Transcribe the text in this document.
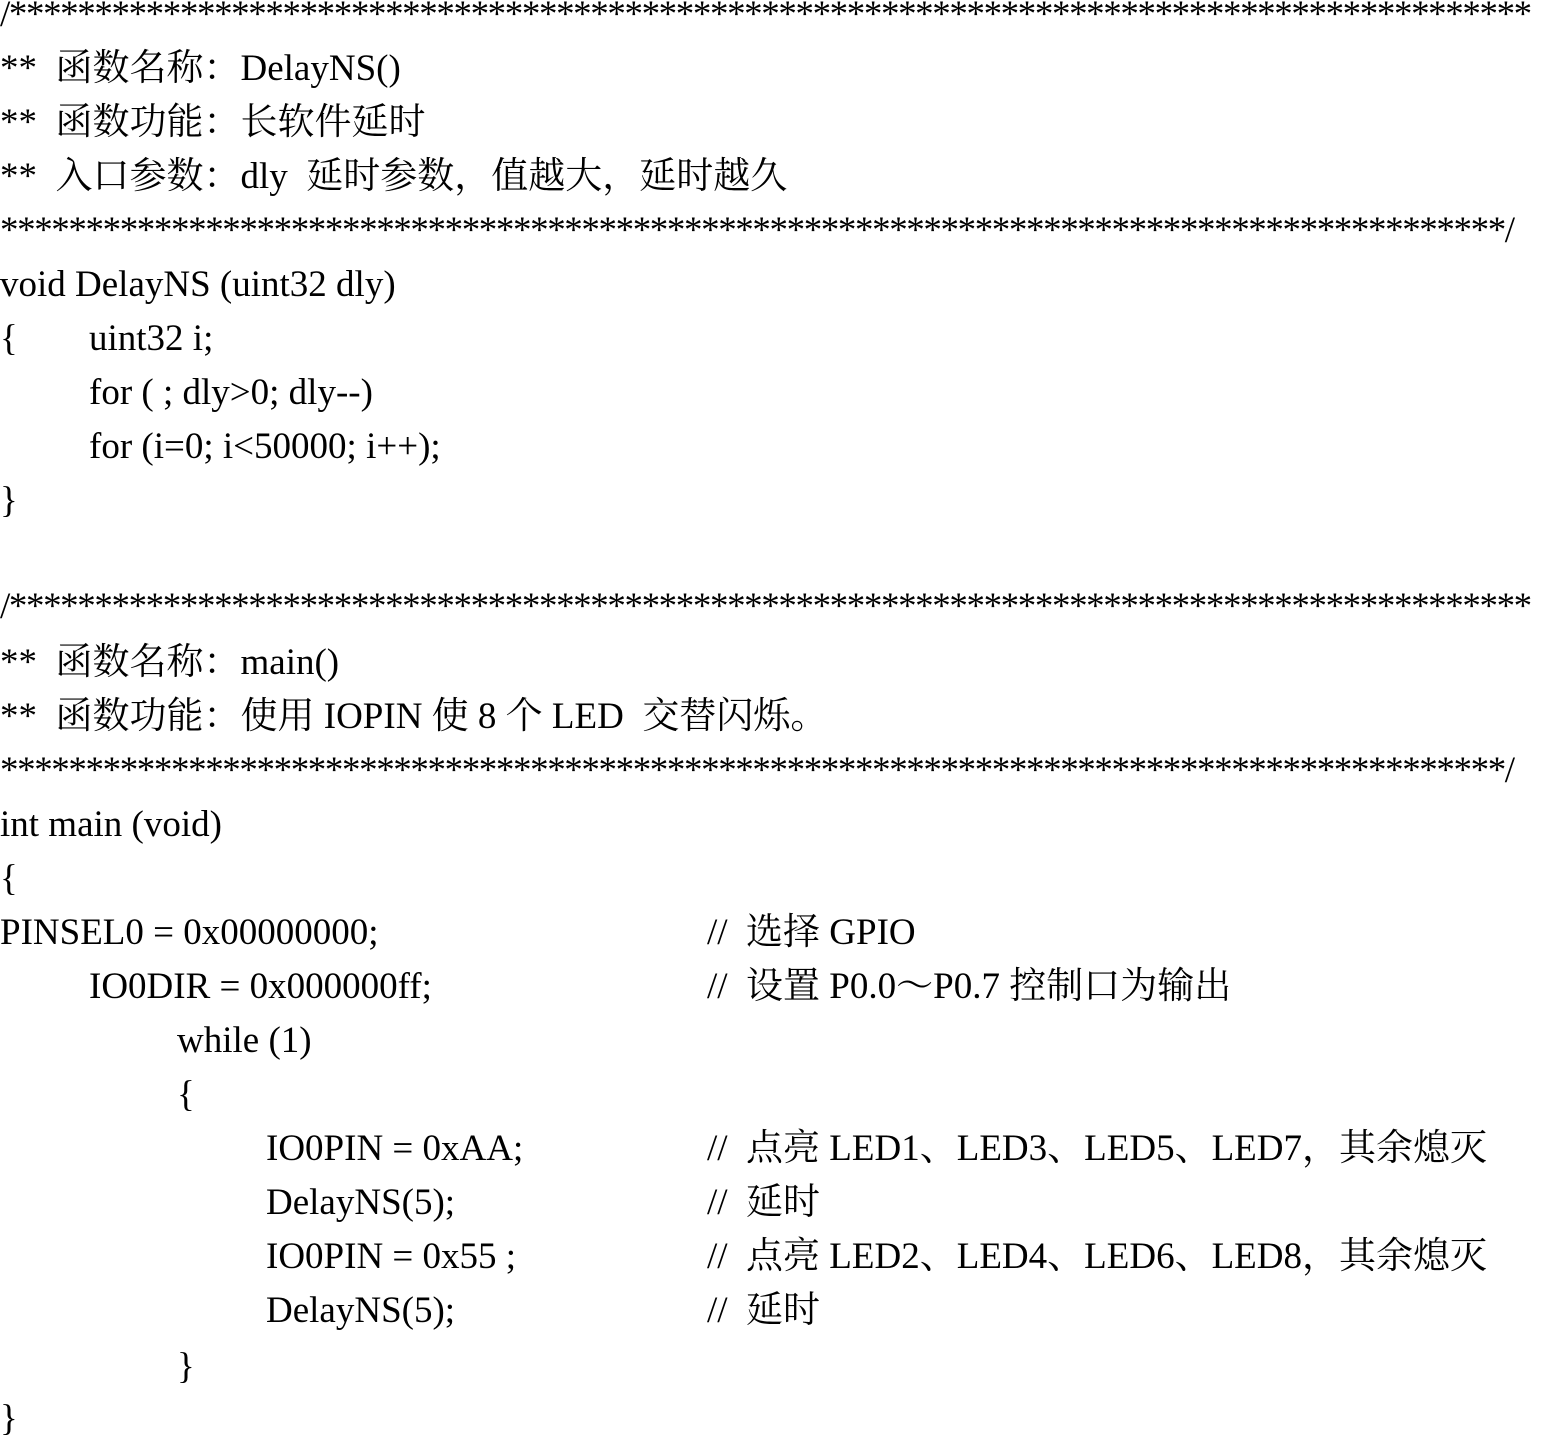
/*****************************************************************************************
**  函数名称：DelayNS()
**  函数功能：长软件延时
**  入口参数：dly  延时参数，值越大，延时越久
****************************************************************************************/
void DelayNS (uint32 dly)

{

uint32 i;

for ( ; dly>0; dly--)

for (i=0; i<50000; i++);

}
/*****************************************************************************************
**  函数名称：main()
**  函数功能：使用 IOPIN 使 8 个 LED  交替闪烁。
****************************************************************************************/
int main (void)
{

PINSEL0 = 0x00000000;

	//  选择 GPIO

IO0DIR = 0x000000ff;

	//  设置 P0.0～P0.7 控制口为输出

while (1)

{

IO0PIN = 0xAA;

	//  点亮 LED1、LED3、LED5、LED7，其余熄灭

DelayNS(5);

	//  延时

IO0PIN = 0x55 ;

	//  点亮 LED2、LED4、LED6、LED8，其余熄灭

DelayNS(5);

	//  延时

}

}
